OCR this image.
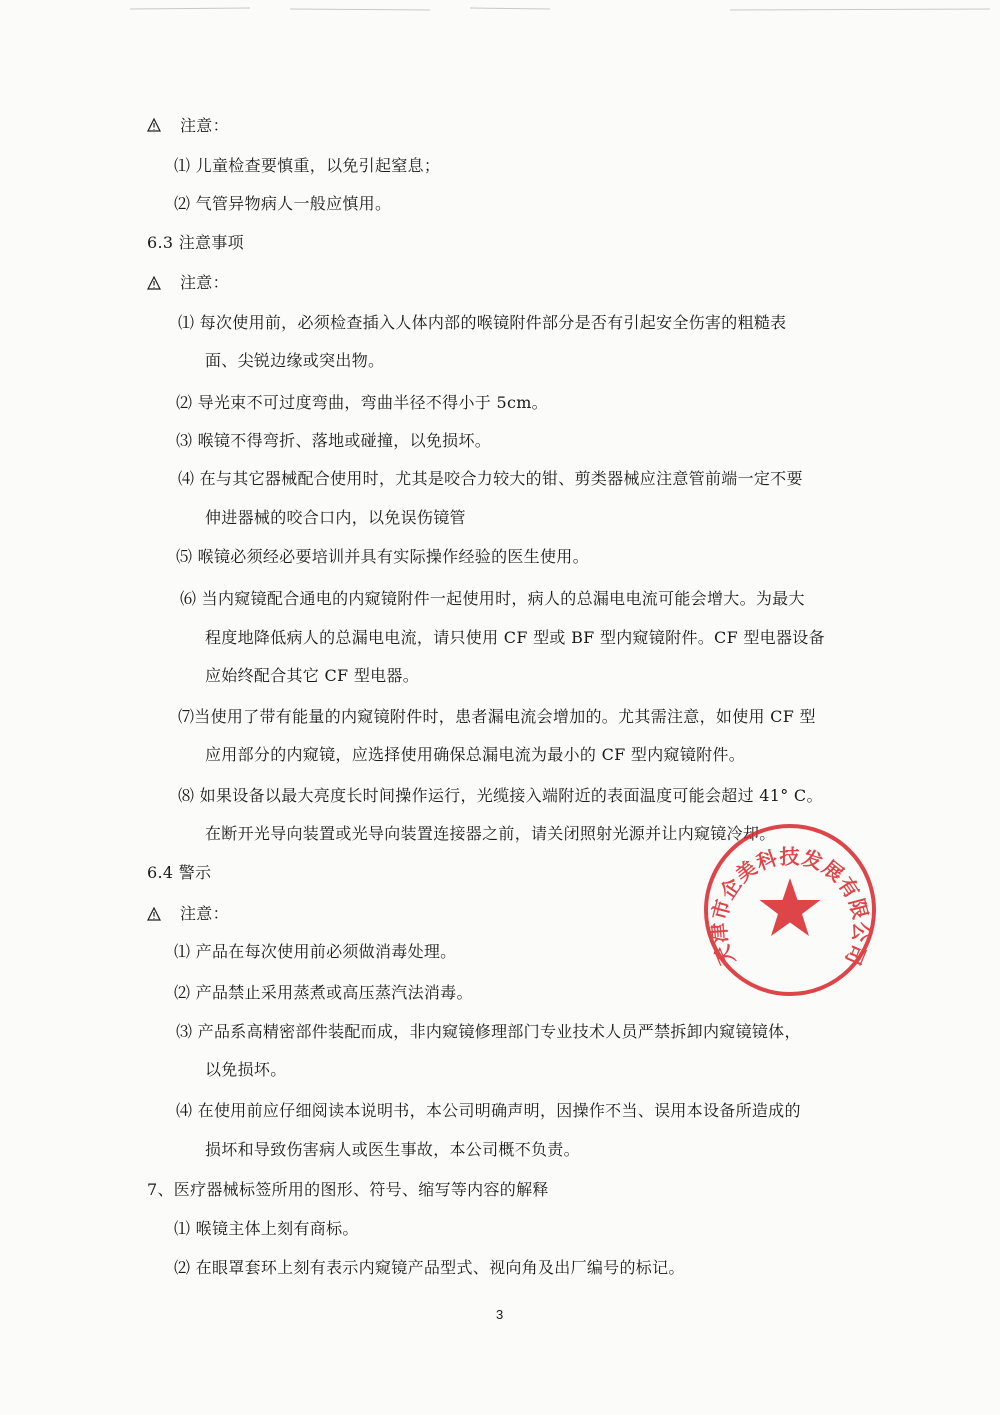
注意：
⑴ 儿童检查要慎重，以免引起窒息；
⑵ 气管异物病人一般应慎用。
6.3 注意事项
注意：
⑴ 每次使用前，必须检查插入人体内部的喉镜附件部分是否有引起安全伤害的粗糙表
面、尖锐边缘或突出物。
⑵ 导光束不可过度弯曲，弯曲半径不得小于 5cm。
⑶ 喉镜不得弯折、落地或碰撞，以免损坏。
⑷ 在与其它器械配合使用时，尤其是咬合力较大的钳、剪类器械应注意管前端一定不要
伸进器械的咬合口内，以免误伤镜管
⑸ 喉镜必须经必要培训并具有实际操作经验的医生使用。
⑹ 当内窥镜配合通电的内窥镜附件一起使用时，病人的总漏电电流可能会增大。为最大
程度地降低病人的总漏电电流，请只使用 CF 型或 BF 型内窥镜附件。CF 型电器设备
应始终配合其它 CF 型电器。
⑺当使用了带有能量的内窥镜附件时，患者漏电流会增加的。尤其需注意，如使用 CF 型
应用部分的内窥镜，应选择使用确保总漏电流为最小的 CF 型内窥镜附件。
⑻ 如果设备以最大亮度长时间操作运行，光缆接入端附近的表面温度可能会超过 41° C。
在断开光导向装置或光导向装置连接器之前，请关闭照射光源并让内窥镜冷却。
6.4 警示
注意：
⑴ 产品在每次使用前必须做消毒处理。
⑵ 产品禁止采用蒸煮或高压蒸汽法消毒。
⑶ 产品系高精密部件装配而成，非内窥镜修理部门专业技术人员严禁拆卸内窥镜镜体，
以免损坏。
⑷ 在使用前应仔细阅读本说明书，本公司明确声明，因操作不当、误用本设备所造成的
损坏和导致伤害病人或医生事故，本公司概不负责。
7、医疗器械标签所用的图形、符号、缩写等内容的解释
⑴ 喉镜主体上刻有商标。
⑵ 在眼罩套环上刻有表示内窥镜产品型式、视向角及出厂编号的标记。
天津市企美科技发展有限公司
3
